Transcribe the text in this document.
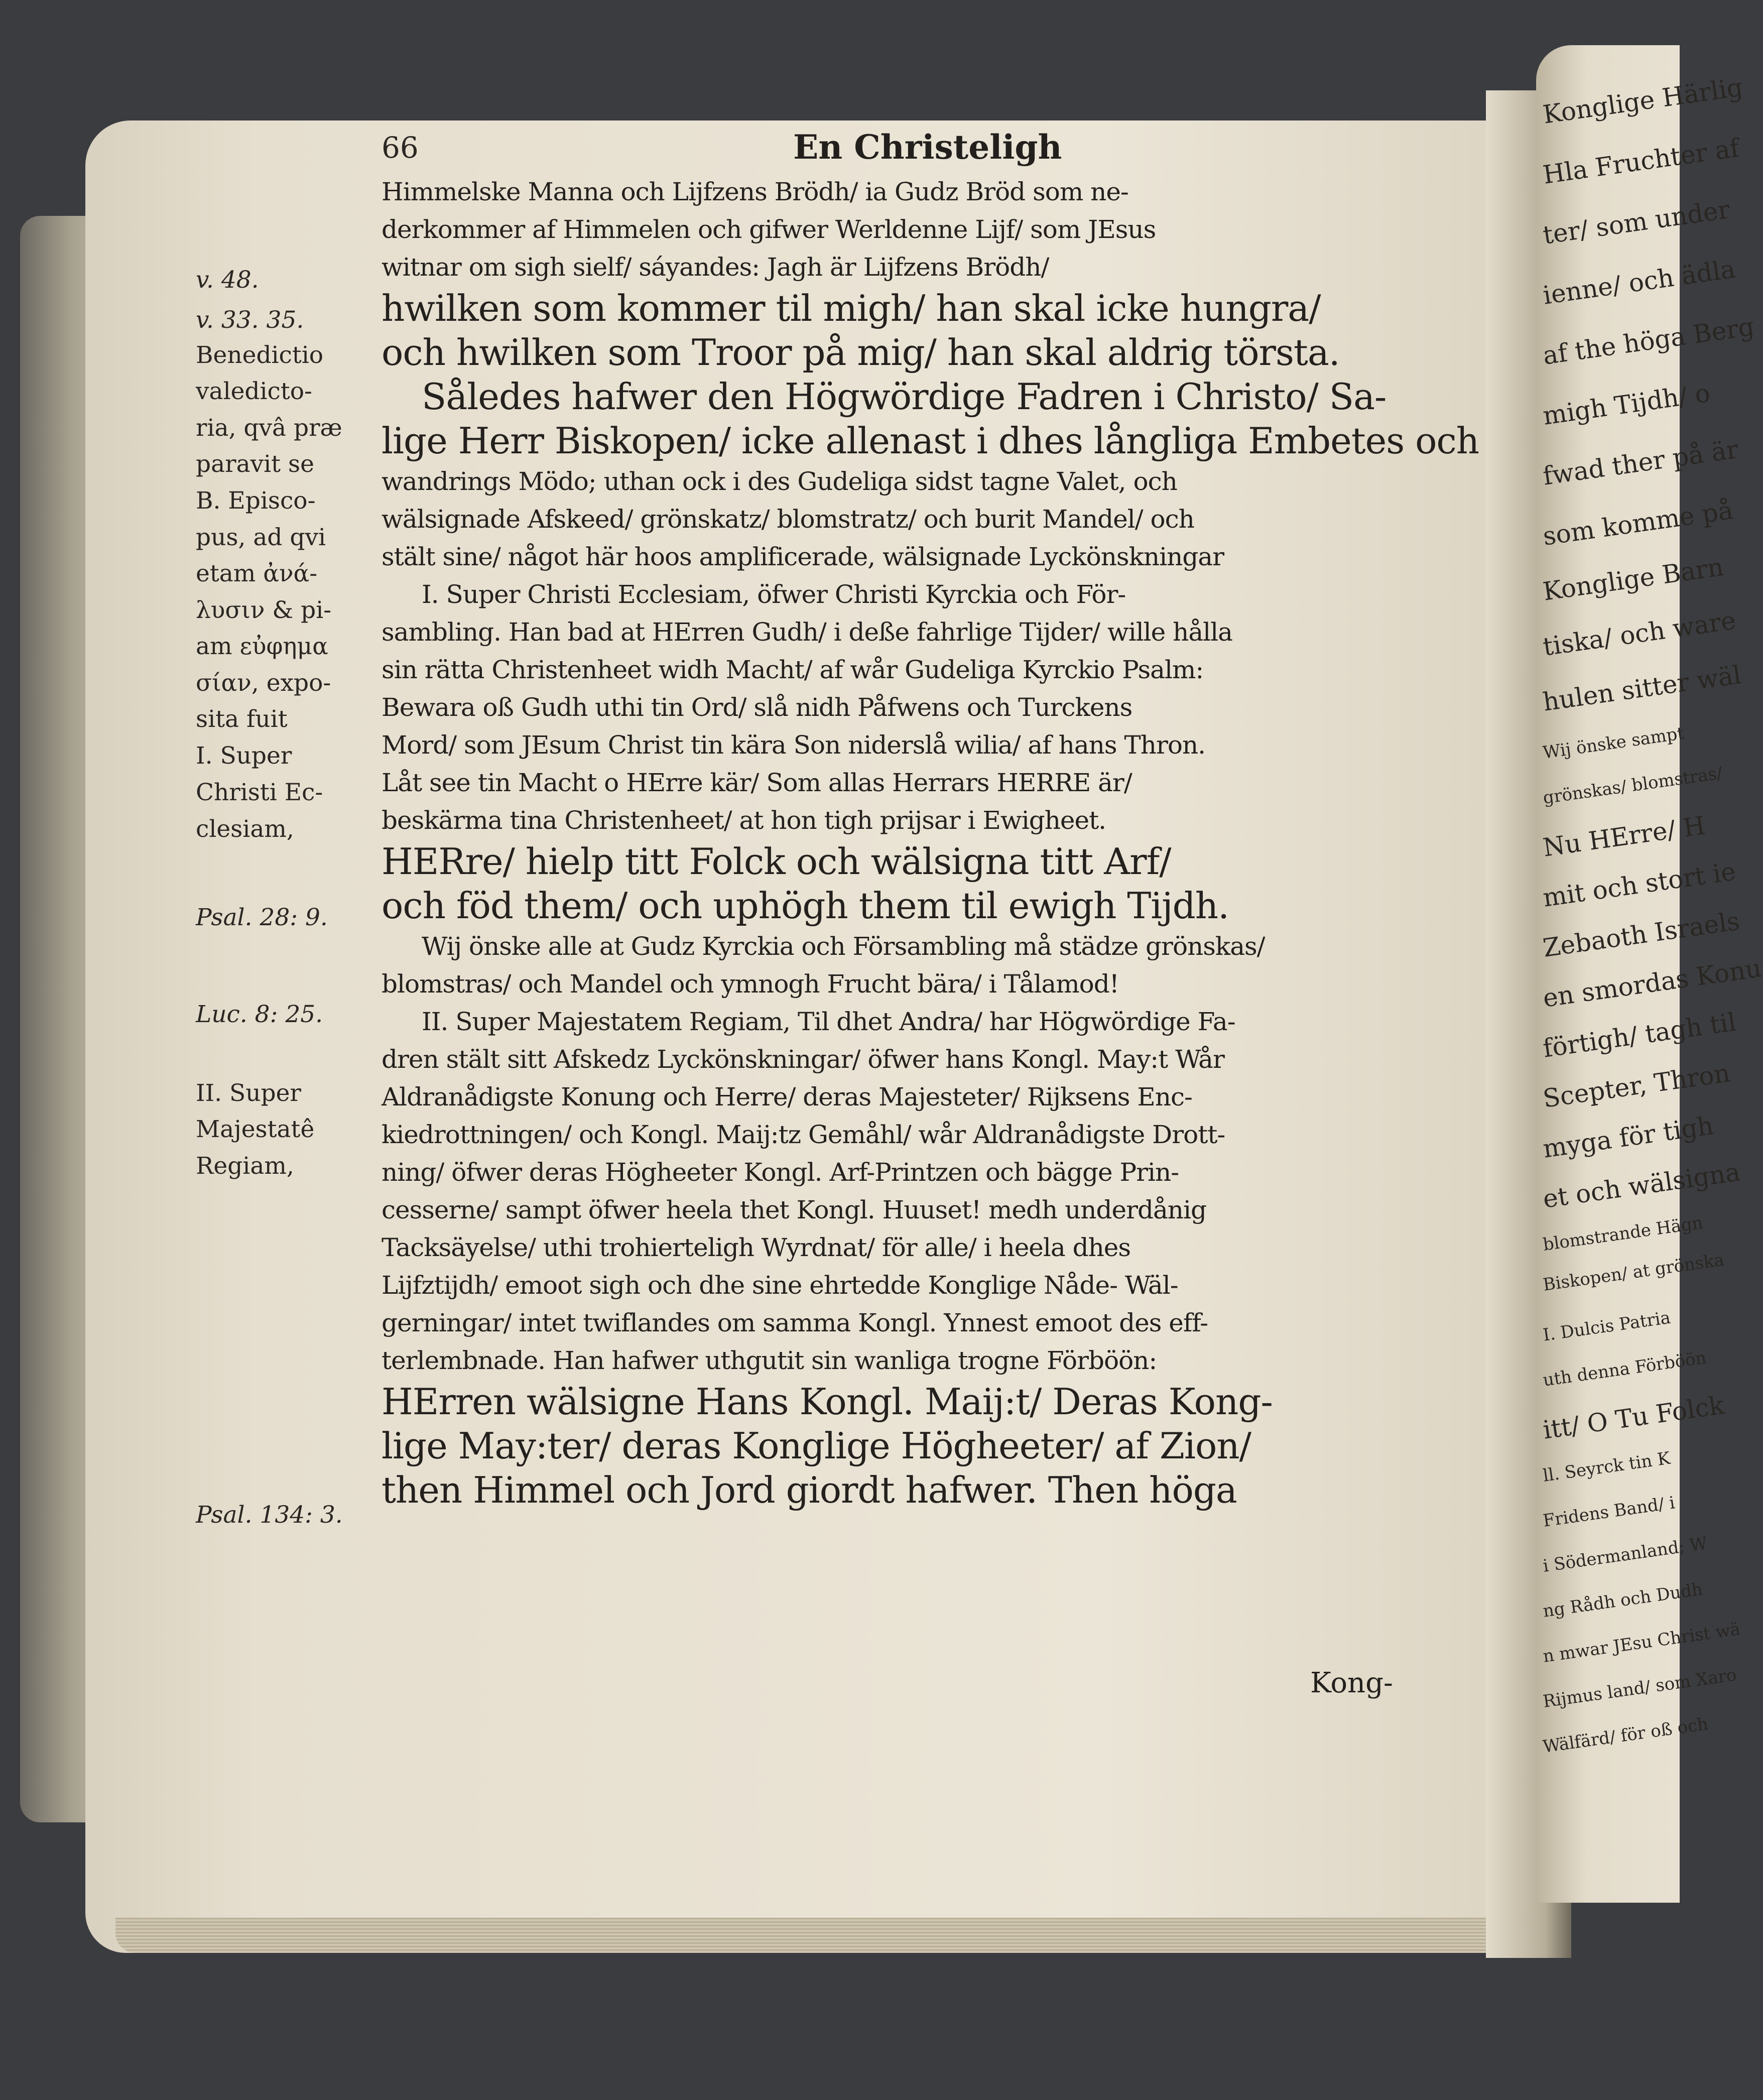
Konglige Härlig
Hla Fruchter af
ter/ som under
ienne/ och ädla
af the höga Berg
migh Tijdh/ o
fwad ther på är
som komme på
Konglige Barn
tiska/ och ware
hulen sitter wäl
Wij önske sampt
grönskas/ blomstras/
Nu HErre/ H
mit och stort ie
Zebaoth Israels
en smordas Konu
förtigh/ tagh til
Scepter, Thron
myga för tigh
et och wälsigna
blomstrande Hägn
Biskopen/ at grönska
I. Dulcis Patria
uth denna Förböön
itt/ O Tu Folck
ll. Seyrck tin K
Fridens Band/ i
i Södermanland; W
ng Rådh och Dudh
n mwar JEsu Christ wä
Rijmus land/ som Xaro
Wälfärd/ för oß och
66	En Christeligh
Himmelske Manna och Lijfzens Brödh/ ia Gudz Bröd som ne-
derkommer af Himmelen och gifwer Werldenne Lijf/ som JEsus
witnar om sigh sielf/ sáyandes: Jagh är Lijfzens Brödh/
hwilken som kommer til migh/ han skal icke hungra/
och hwilken som Troor på mig/ han skal aldrig törsta.
Således hafwer den Högwördige Fadren i Christo/ Sa-
lige Herr Biskopen/ icke allenast i dhes långliga Embetes och
wandrings Mödo; uthan ock i des Gudeliga sidst tagne Valet, och
wälsignade Afskeed/ grönskatz/ blomstratz/ och burit Mandel/ och
stält sine/ något här hoos amplificerade, wälsignade Lyckönskningar
I. Super Christi Ecclesiam, öfwer Christi Kyrckia och För-
sambling. Han bad at HErren Gudh/ i deße fahrlige Tijder/ wille hålla
sin rätta Christenheet widh Macht/ af wår Gudeliga Kyrckio Psalm:
Bewara oß Gudh uthi tin Ord/ slå nidh Påfwens och Turckens
Mord/ som JEsum Christ tin kära Son niderslå wilia/ af hans Thron.
Låt see tin Macht o HErre kär/ Som allas Herrars HERRE är/
beskärma tina Christenheet/ at hon tigh prijsar i Ewigheet.
HERre/ hielp titt Folck och wälsigna titt Arf/
och föd them/ och uphögh them til ewigh Tijdh.
Wij önske alle at Gudz Kyrckia och Försambling må städze grönskas/
blomstras/ och Mandel och ymnogh Frucht bära/ i Tålamod!
II. Super Majestatem Regiam, Til dhet Andra/ har Högwördige Fa-
dren stält sitt Afskedz Lyckönskningar/ öfwer hans Kongl. May:t Wår
Aldranådigste Konung och Herre/ deras Majesteter/ Rijksens Enc-
kiedrottningen/ och Kongl. Maij:tz Gemåhl/ wår Aldranådigste Drott-
ning/ öfwer deras Högheeter Kongl. Arf-Printzen och bägge Prin-
cesserne/ sampt öfwer heela thet Kongl. Huuset! medh underdånig
Tacksäyelse/ uthi trohierteligh Wyrdnat/ för alle/ i heela dhes
Lijfztijdh/ emoot sigh och dhe sine ehrtedde Konglige Nåde- Wäl-
gerningar/ intet twiflandes om samma Kongl. Ynnest emoot des eff-
terlembnade. Han hafwer uthgutit sin wanliga trogne Förböön:
HErren wälsigne Hans Kongl. Maij:t/ Deras Kong-
lige May:ter/ deras Konglige Högheeter/ af Zion/
then Himmel och Jord giordt hafwer. Then höga
v. 48.
v. 33. 35.
Benedictio
valedicto-
ria, qvâ præ
paravit se
B. Episco-
pus, ad qvi
etam ἀνά-
λυσιν & pi-
am εὐφημα
σίαν, expo-
sita fuit
I. Super
Christi Ec-
clesiam,
Psal. 28: 9.
Luc. 8: 25.
II. Super
Majestatê
Regiam,
Psal. 134: 3.
Kong-
